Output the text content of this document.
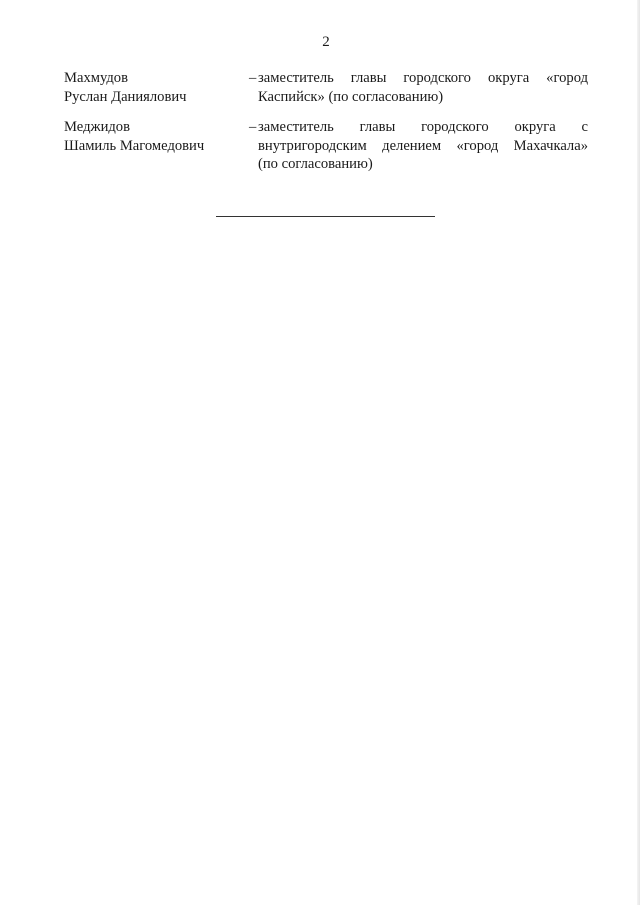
2
Махмудов
Руслан Даниялович
– заместитель главы городского округа «город
Каспийск» (по согласованию)
Меджидов
Шамиль Магомедович
– заместитель главы городского округа с
внутригородским делением «город Махачкала»
(по согласованию)
